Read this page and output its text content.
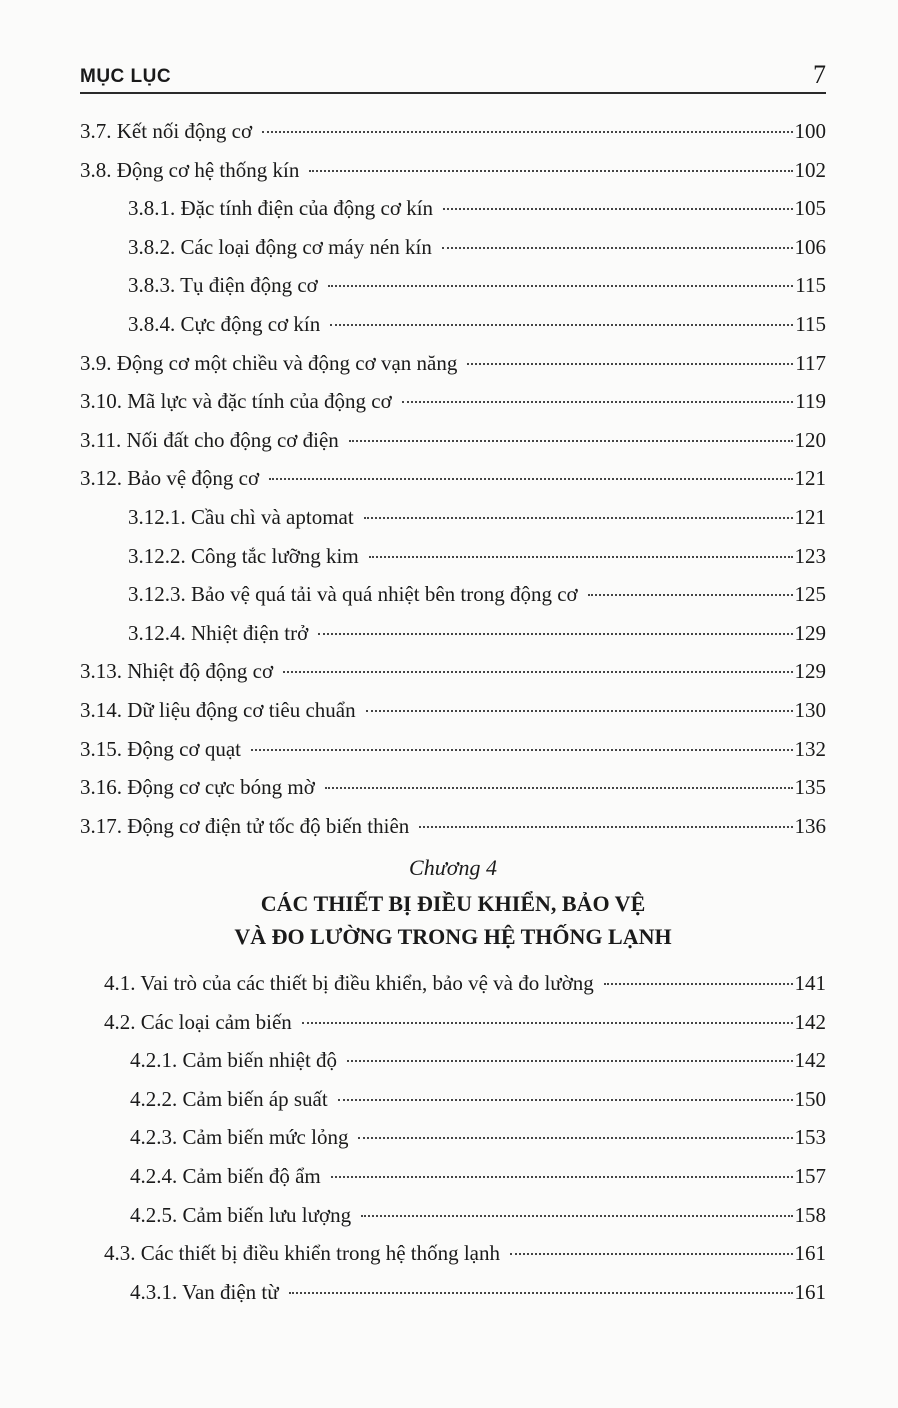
MỤC LỤC	7
3.7. Kết nối động cơ	100
3.8. Động cơ hệ thống kín	102
3.8.1. Đặc tính điện của động cơ kín	105
3.8.2. Các loại động cơ máy nén kín	106
3.8.3. Tụ điện động cơ	115
3.8.4. Cực động cơ kín	115
3.9. Động cơ một chiều và động cơ vạn năng	117
3.10. Mã lực và đặc tính của động cơ	119
3.11. Nối đất cho động cơ điện	120
3.12. Bảo vệ động cơ	121
3.12.1. Cầu chì và aptomat	121
3.12.2. Công tắc lưỡng kim	123
3.12.3. Bảo vệ quá tải và quá nhiệt bên trong động cơ	125
3.12.4. Nhiệt điện trở	129
3.13. Nhiệt độ động cơ	129
3.14. Dữ liệu động cơ tiêu chuẩn	130
3.15. Động cơ quạt	132
3.16. Động cơ cực bóng mờ	135
3.17. Động cơ điện tử tốc độ biến thiên	136
Chương 4
CÁC THIẾT BỊ ĐIỀU KHIỂN, BẢO VỆ
VÀ ĐO LƯỜNG TRONG HỆ THỐNG LẠNH
4.1. Vai trò của các thiết bị điều khiển, bảo vệ và đo lường	141
4.2. Các loại cảm biến	142
4.2.1. Cảm biến nhiệt độ	142
4.2.2. Cảm biến áp suất	150
4.2.3. Cảm biến mức lỏng	153
4.2.4. Cảm biến độ ẩm	157
4.2.5. Cảm biến lưu lượng	158
4.3. Các thiết bị điều khiển trong hệ thống lạnh	161
4.3.1. Van điện từ	161
